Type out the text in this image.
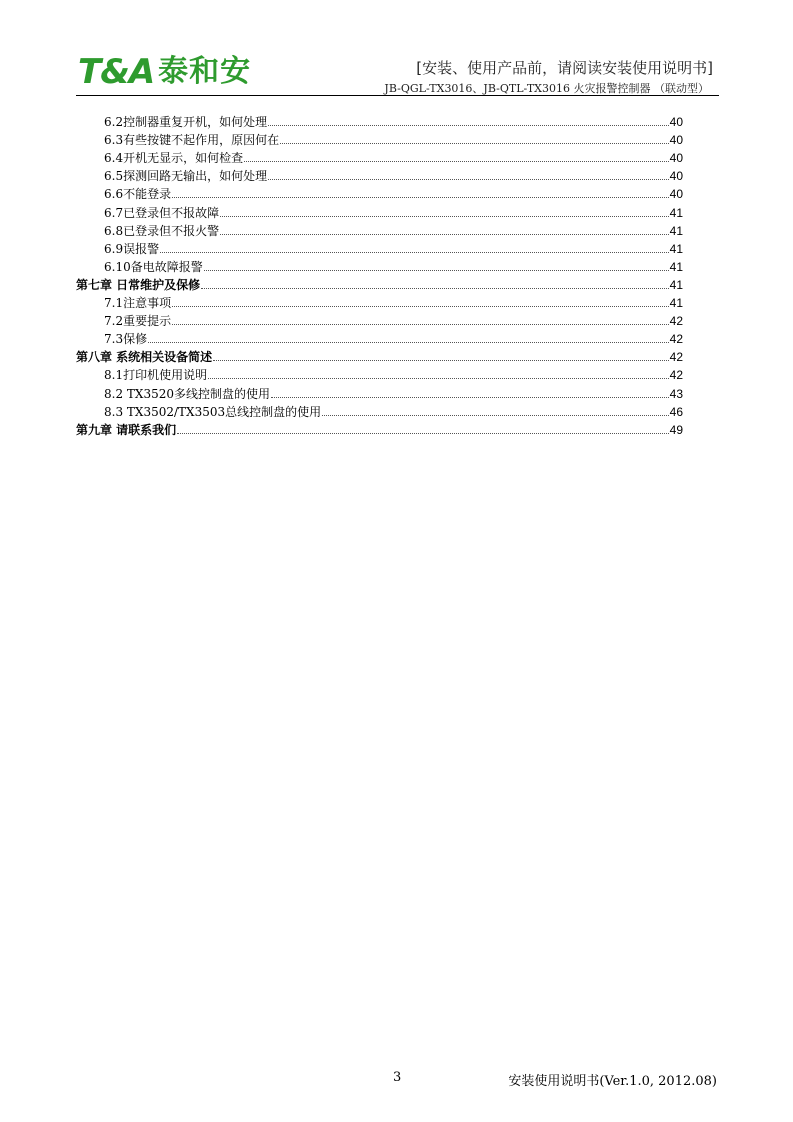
T&A 泰和安	[安装、使用产品前，请阅读安装使用说明书]
JB-QGL-TX3016、JB-QTL-TX3016 火灾报警控制器 （联动型）
6.2控制器重复开机，如何处理	40
6.3有些按键不起作用，原因何在	40
6.4开机无显示，如何检查	40
6.5探测回路无输出，如何处理	40
6.6不能登录	40
6.7已登录但不报故障	41
6.8已登录但不报火警	41
6.9误报警	41
6.10备电故障报警	41
第七章 日常维护及保修	41
7.1注意事项	41
7.2重要提示	42
7.3保修	42
第八章 系统相关设备简述	42
8.1打印机使用说明	42
8.2 TX3520多线控制盘的使用	43
8.3 TX3502/TX3503总线控制盘的使用	46
第九章 请联系我们	49
3	安装使用说明书(Ver.1.0, 2012.08)
